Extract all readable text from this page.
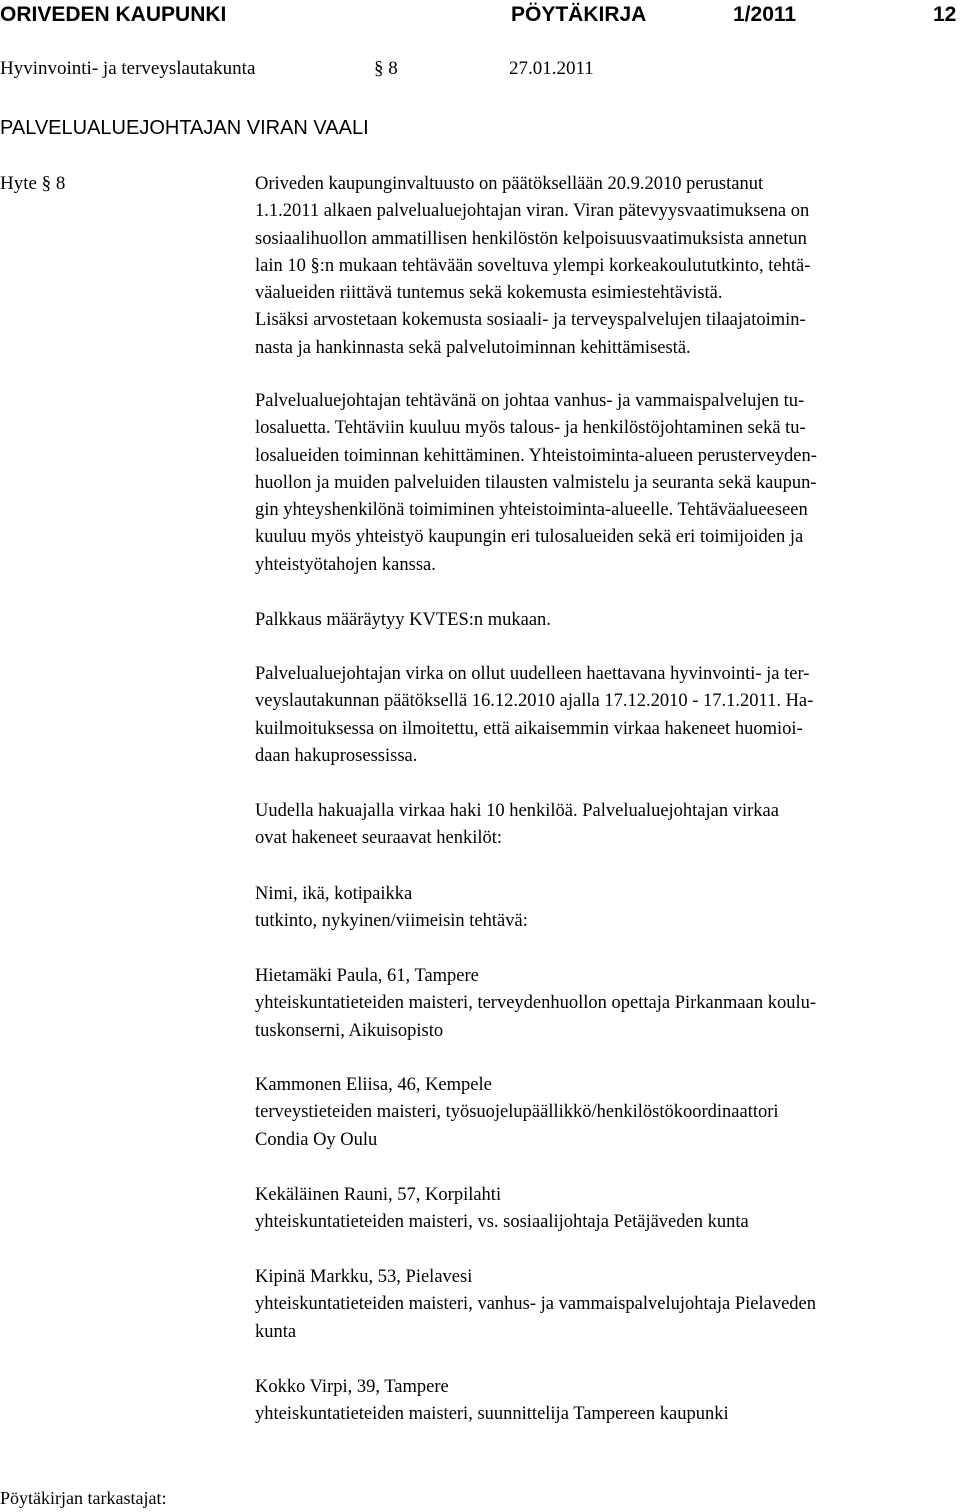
ORIVEDEN KAUPUNKI	PÖYTÄKIRJA	1/2011	12
Hyvinvointi- ja terveyslautakunta	§ 8	27.01.2011
PALVELUALUEJOHTAJAN VIRAN VAALI
Hyte § 8	Oriveden kaupunginvaltuusto on päätöksellään 20.9.2010 perustanut

1.1.2011 alkaen palvelualuejohtajan viran. Viran pätevyysvaatimuksena on

sosiaalihuollon ammatillisen henkilöstön kelpoisuusvaatimuksista annetun

lain 10 §:n mukaan tehtävään soveltuva ylempi korkeakoulututkinto, tehtä-

väalueiden riittävä tuntemus sekä kokemusta esimiestehtävistä.

Lisäksi arvostetaan kokemusta sosiaali- ja terveyspalvelujen tilaajatoimin-

nasta ja hankinnasta sekä palvelutoiminnan kehittämisestä.

Palvelualuejohtajan tehtävänä on johtaa vanhus- ja vammaispalvelujen tu-

losaluetta. Tehtäviin kuuluu myös talous- ja henkilöstöjohtaminen sekä tu-

losalueiden toiminnan kehittäminen. Yhteistoiminta-alueen perusterveyden-

huollon ja muiden palveluiden tilausten valmistelu ja seuranta sekä kaupun-

gin yhteyshenkilönä toimiminen yhteistoiminta-alueelle. Tehtäväalueeseen

kuuluu myös yhteistyö kaupungin eri tulosalueiden sekä eri toimijoiden ja

yhteistyötahojen kanssa.

Palkkaus määräytyy KVTES:n mukaan.

Palvelualuejohtajan virka on ollut uudelleen haettavana hyvinvointi- ja ter-

veyslautakunnan päätöksellä 16.12.2010 ajalla 17.12.2010 - 17.1.2011. Ha-

kuilmoituksessa on ilmoitettu, että aikaisemmin virkaa hakeneet huomioi-

daan hakuprosessissa.

Uudella hakuajalla virkaa haki 10 henkilöä. Palvelualuejohtajan virkaa

ovat hakeneet seuraavat henkilöt:

Nimi, ikä, kotipaikka

tutkinto, nykyinen/viimeisin tehtävä:

Hietamäki Paula, 61, Tampere

yhteiskuntatieteiden maisteri, terveydenhuollon opettaja Pirkanmaan koulu-

tuskonserni, Aikuisopisto

Kammonen Eliisa, 46, Kempele

terveystieteiden maisteri, työsuojelupäällikkö/henkilöstökoordinaattori

Condia Oy Oulu

Kekäläinen Rauni, 57, Korpilahti

yhteiskuntatieteiden maisteri, vs. sosiaalijohtaja Petäjäveden kunta

Kipinä Markku, 53, Pielavesi

yhteiskuntatieteiden maisteri, vanhus- ja vammaispalvelujohtaja Pielaveden

kunta

Kokko Virpi, 39, Tampere

yhteiskuntatieteiden maisteri, suunnittelija Tampereen kaupunki

Pöytäkirjan tarkastajat:
